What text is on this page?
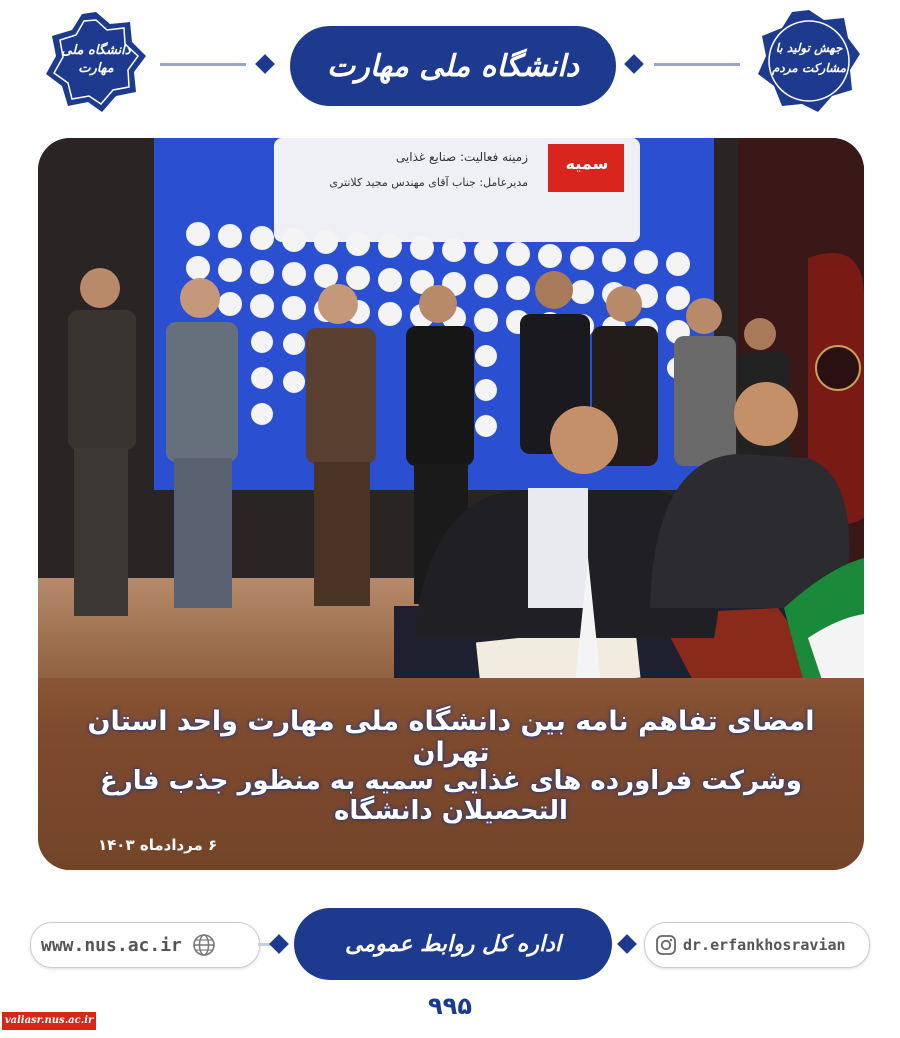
دانشگاه ملی مهارت	دانشگاه ملی مهارت
جهش تولید با مشارکت مردم
زمینه فعالیت: صنایع غذایی
مدیرعامل: جناب آقای مهندس مجید کلانتری
سمیه
امضای تفاهم نامه بین دانشگاه ملی مهارت واحد استان تهران
وشرکت فراورده های غذایی سمیه به منظور جذب فارغ التحصیلان دانشگاه
۶ مردادماه ۱۴۰۳
www.nus.ac.ir	اداره کل روابط عمومی	dr.erfankhosravian
۹۹۵
valiasr.nus.ac.ir
